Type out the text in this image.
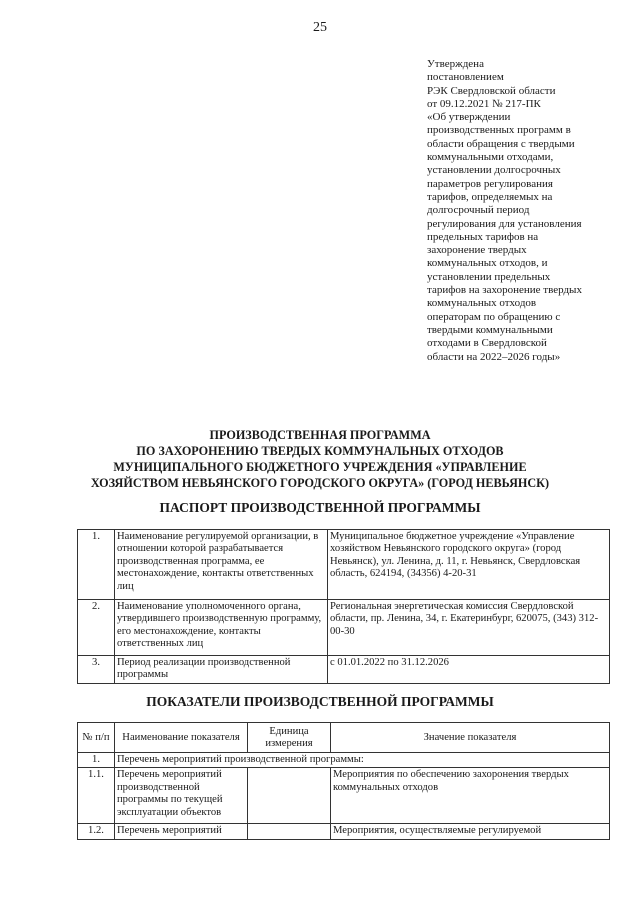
25
Утверждена
постановлением
РЭК Свердловской области
от 09.12.2021 № 217-ПК
«Об утверждении
производственных программ в
области обращения с твердыми
коммунальными отходами,
установлении долгосрочных
параметров регулирования
тарифов, определяемых на
долгосрочный период
регулирования для установления
предельных тарифов на
захоронение твердых
коммунальных отходов, и
установлении предельных
тарифов на захоронение твердых
коммунальных отходов
операторам по обращению с
твердыми коммунальными
отходами в Свердловской
области на 2022–2026 годы»
ПРОИЗВОДСТВЕННАЯ ПРОГРАММА
ПО ЗАХОРОНЕНИЮ ТВЕРДЫХ КОММУНАЛЬНЫХ ОТХОДОВ
МУНИЦИПАЛЬНОГО БЮДЖЕТНОГО УЧРЕЖДЕНИЯ «УПРАВЛЕНИЕ
ХОЗЯЙСТВОМ НЕВЬЯНСКОГО ГОРОДСКОГО ОКРУГА» (ГОРОД НЕВЬЯНСК)
ПАСПОРТ ПРОИЗВОДСТВЕННОЙ ПРОГРАММЫ
1.	Наименование регулируемой организации, в отношении которой разрабатывается производственная программа, ее местонахождение, контакты ответственных лиц	Муниципальное бюджетное учреждение «Управление хозяйством Невьянского городского округа» (город Невьянск), ул. Ленина, д. 11, г. Невьянск, Свердловская область, 624194, (34356) 4-20-31
2.	Наименование уполномоченного органа, утвердившего производственную программу, его местонахождение, контакты ответственных лиц	Региональная энергетическая комиссия Свердловской области, пр. Ленина, 34, г. Екатеринбург, 620075, (343) 312-00-30
3.	Период реализации производственной программы	с 01.01.2022 по 31.12.2026
ПОКАЗАТЕЛИ ПРОИЗВОДСТВЕННОЙ ПРОГРАММЫ
№ п/п	Наименование показателя	Единица измерения	Значение показателя
1.	Перечень мероприятий производственной программы:		
1.1.	Перечень мероприятий производственной программы по текущей эксплуатации объектов		Мероприятия по обеспечению захоронения твердых коммунальных отходов
1.2.	Перечень мероприятий		Мероприятия, осуществляемые регулируемой
